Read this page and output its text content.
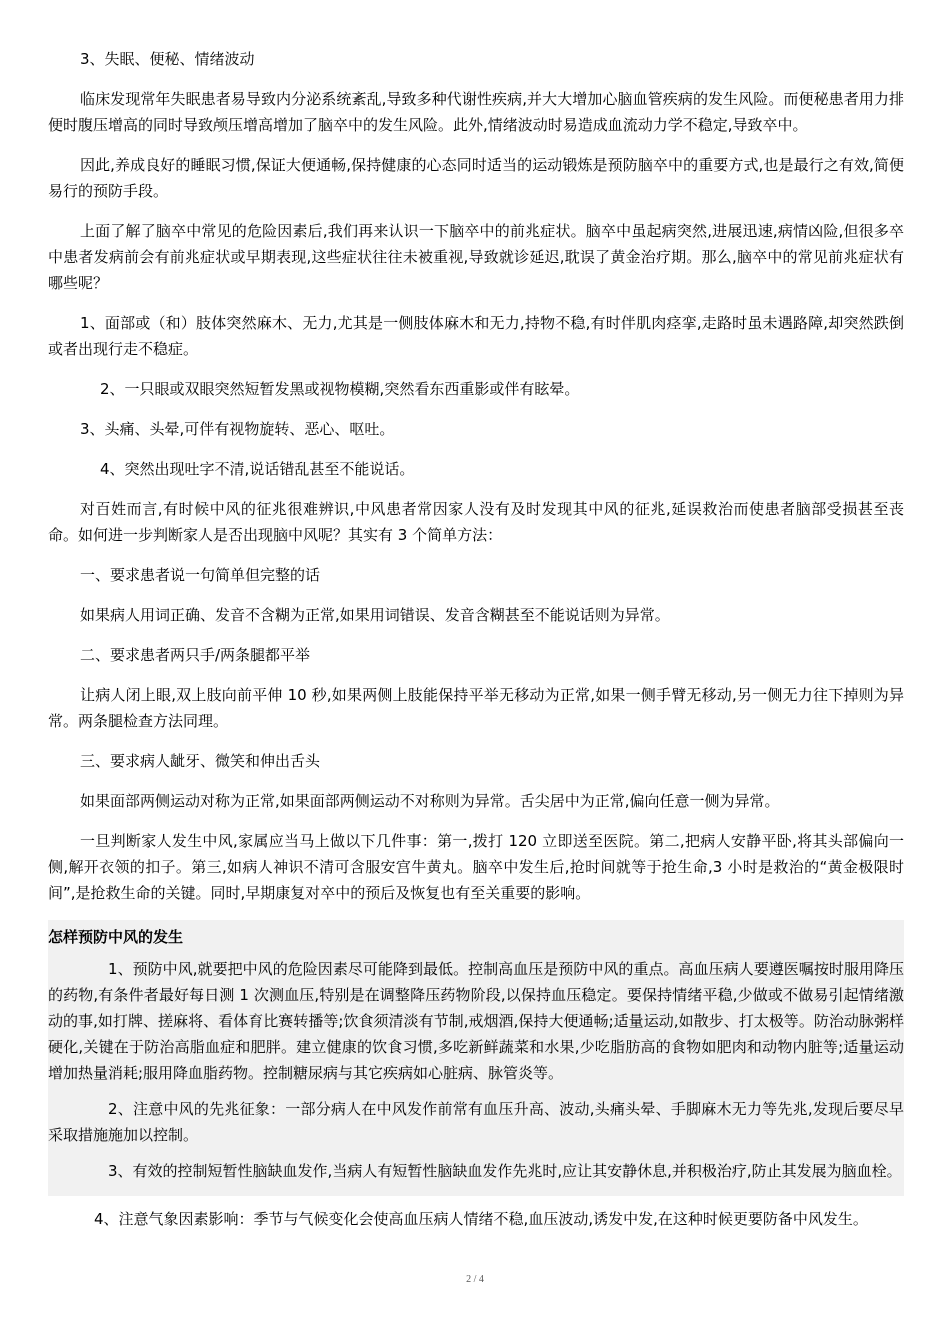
3、失眠、便秘、情绪波动

临床发现常年失眠患者易导致内分泌系统紊乱,导致多种代谢性疾病,并大大增加心脑血管疾病的发生风险。而便秘患者用力排便时腹压增高的同时导致颅压增高增加了脑卒中的发生风险。此外,情绪波动时易造成血流动力学不稳定,导致卒中。

因此,养成良好的睡眠习惯,保证大便通畅,保持健康的心态同时适当的运动锻炼是预防脑卒中的重要方式,也是最行之有效,简便易行的预防手段。

上面了解了脑卒中常见的危险因素后,我们再来认识一下脑卒中的前兆症状。脑卒中虽起病突然,进展迅速,病情凶险,但很多卒中患者发病前会有前兆症状或早期表现,这些症状往往未被重视,导致就诊延迟,耽误了黄金治疗期。那么,脑卒中的常见前兆症状有哪些呢？

1、面部或（和）肢体突然麻木、无力,尤其是一侧肢体麻木和无力,持物不稳,有时伴肌肉痉挛,走路时虽未遇路障,却突然跌倒或者出现行走不稳症。

2、一只眼或双眼突然短暂发黑或视物模糊,突然看东西重影或伴有眩晕。

3、头痛、头晕,可伴有视物旋转、恶心、呕吐。

4、突然出现吐字不清,说话错乱甚至不能说话。

对百姓而言,有时候中风的征兆很难辨识,中风患者常因家人没有及时发现其中风的征兆,延误救治而使患者脑部受损甚至丧命。如何进一步判断家人是否出现脑中风呢？其实有 3 个简单方法：

一、要求患者说一句简单但完整的话

如果病人用词正确、发音不含糊为正常,如果用词错误、发音含糊甚至不能说话则为异常。

二、要求患者两只手/两条腿都平举

让病人闭上眼,双上肢向前平伸 10 秒,如果两侧上肢能保持平举无移动为正常,如果一侧手臂无移动,另一侧无力往下掉则为异常。两条腿检查方法同理。

三、要求病人龇牙、微笑和伸出舌头

如果面部两侧运动对称为正常,如果面部两侧运动不对称则为异常。舌尖居中为正常,偏向任意一侧为异常。

一旦判断家人发生中风,家属应当马上做以下几件事：第一,拨打 120 立即送至医院。第二,把病人安静平卧,将其头部偏向一侧,解开衣领的扣子。第三,如病人神识不清可含服安宫牛黄丸。脑卒中发生后,抢时间就等于抢生命,3 小时是救治的“黄金极限时间”,是抢救生命的关键。同时,早期康复对卒中的预后及恢复也有至关重要的影响。

怎样预防中风的发生

1、预防中风,就要把中风的危险因素尽可能降到最低。控制高血压是预防中风的重点。高血压病人要遵医嘱按时服用降压的药物,有条件者最好每日测 1 次测血压,特别是在调整降压药物阶段,以保持血压稳定。要保持情绪平稳,少做或不做易引起情绪激动的事,如打牌、搓麻将、看体育比赛转播等;饮食须清淡有节制,戒烟酒,保持大便通畅;适量运动,如散步、打太极等。防治动脉粥样硬化,关键在于防治高脂血症和肥胖。建立健康的饮食习惯,多吃新鲜蔬菜和水果,少吃脂肪高的食物如肥肉和动物内脏等;适量运动增加热量消耗;服用降血脂药物。控制糖尿病与其它疾病如心脏病、脉管炎等。

2、注意中风的先兆征象：一部分病人在中风发作前常有血压升高、波动,头痛头晕、手脚麻木无力等先兆,发现后要尽早采取措施施加以控制。

3、有效的控制短暂性脑缺血发作,当病人有短暂性脑缺血发作先兆时,应让其安静休息,并积极治疗,防止其发展为脑血栓。

4、注意气象因素影响：季节与气候变化会使高血压病人情绪不稳,血压波动,诱发中发,在这种时候更要防备中风发生。

2 / 4
